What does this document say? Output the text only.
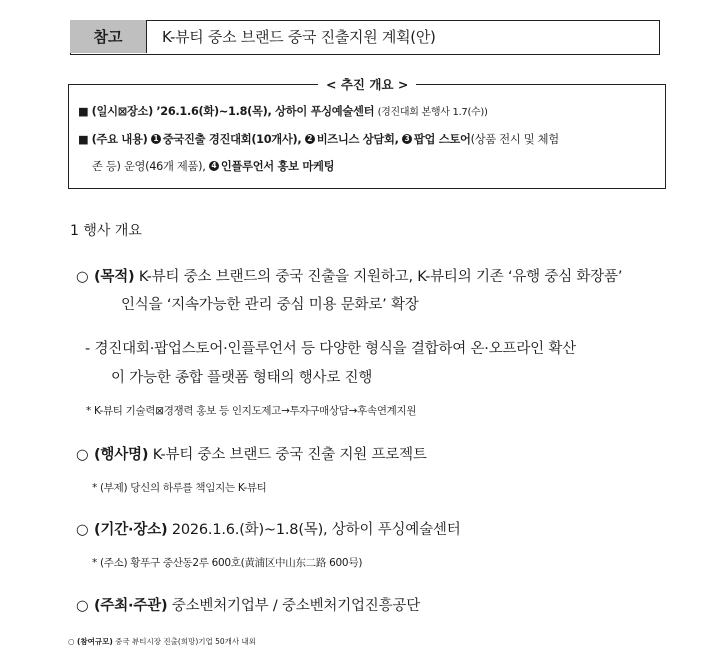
참고	K-뷰티 중소 브랜드 중국 진출지원 계획(안)
< 추진 개요 >
■ (일시⊠장소) ’26.1.6(화)~1.8(목), 상하이 푸싱예술센터 (경진대회 본행사 1.7(수))
■ (주요 내용) 1 중국진출 경진대회(10개사), 2 비즈니스 상담회, 3 팝업 스토어(상품 전시 및 체험
존 등) 운영(46개 제품), 4 인플루언서 홍보 마케팅
1 행사 개요
○ (목적) K-뷰티 중소 브랜드의 중국 진출을 지원하고, K-뷰티의 기존 ‘유행 중심 화장품’
인식을 ‘지속가능한 관리 중심 미용 문화로’ 확장
- 경진대회·팝업스토어·인플루언서 등 다양한 형식을 결합하여 온·오프라인 확산
이 가능한 종합 플랫폼 형태의 행사로 진행
* K-뷰티 기술력⊠경쟁력 홍보 등 인지도제고→투자구매상담→후속연계지원
○ (행사명) K-뷰티 중소 브랜드 중국 진출 지원 프로젝트
* (부제) 당신의 하루를 책임지는 K-뷰티
○ (기간·장소) 2026.1.6.(화)~1.8(목), 상하이 푸싱예술센터
* (주소) 황푸구 중산동2루 600호(黄浦区中山东二路 600号)
○ (주최·주관) 중소벤처기업부 / 중소벤처기업진흥공단
○ (참여규모) 중국 뷰티시장 진출(희망)기업 50개사 내외
